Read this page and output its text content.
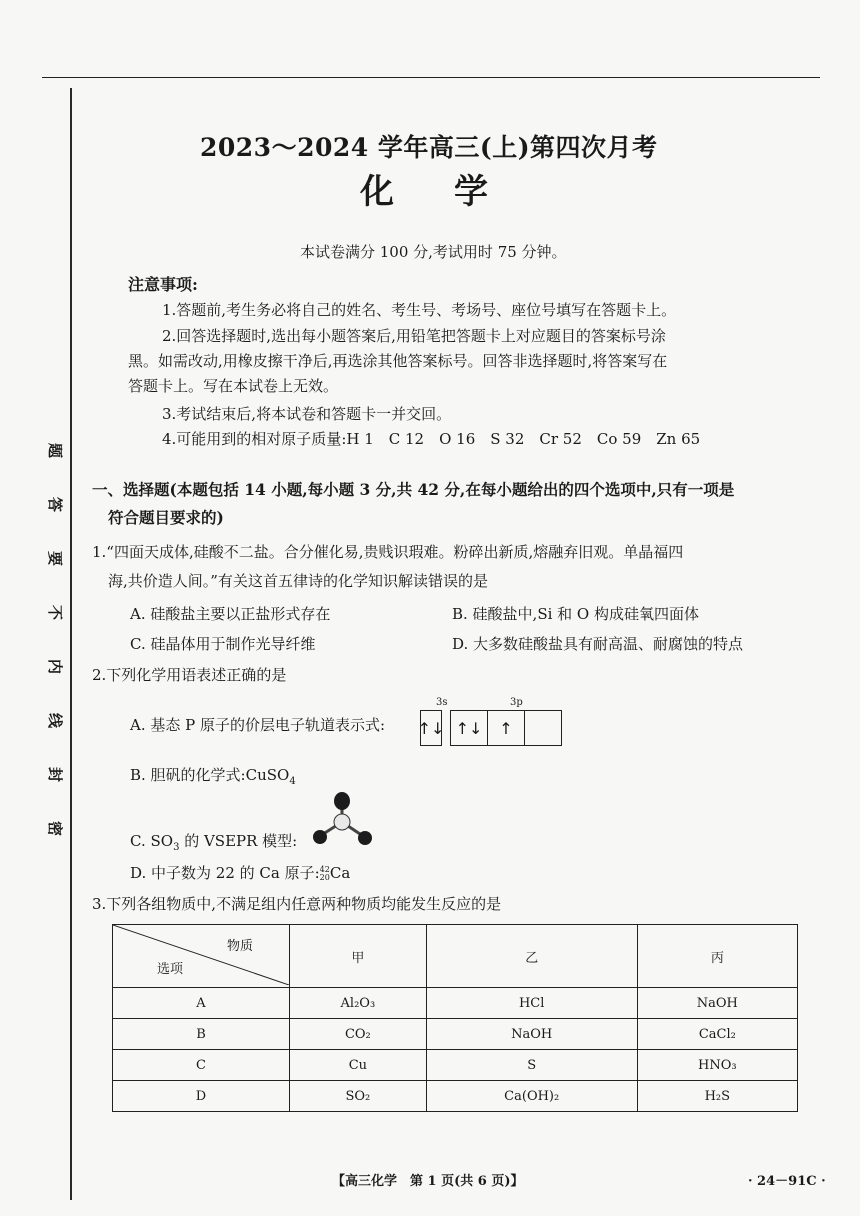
题
答
要
不
内
线
封
密
2023～2024 学年高三(上)第四次月考
化学
本试卷满分 100 分,考试用时 75 分钟。
注意事项:
1.答题前,考生务必将自己的姓名、考生号、考场号、座位号填写在答题卡上。
2.回答选择题时,选出每小题答案后,用铅笔把答题卡上对应题目的答案标号涂
黑。如需改动,用橡皮擦干净后,再选涂其他答案标号。回答非选择题时,将答案写在
答题卡上。写在本试卷上无效。
3.考试结束后,将本试卷和答题卡一并交回。
4.可能用到的相对原子质量:H 1　C 12　O 16　S 32　Cr 52　Co 59　Zn 65
一、选择题(本题包括 14 小题,每小题 3 分,共 42 分,在每小题给出的四个选项中,只有一项是
符合题目要求的)
1.“四面天成体,硅酸不二盐。合分催化易,贵贱识瑕难。粉碎出新质,熔融弃旧观。单晶福四
海,共价造人间。”有关这首五律诗的化学知识解读错误的是
A. 硅酸盐主要以正盐形式存在	B. 硅酸盐中,Si 和 O 构成硅氧四面体
C. 硅晶体用于制作光导纤维	D. 大多数硅酸盐具有耐高温、耐腐蚀的特点
2.下列化学用语表述正确的是
A. 基态 P 原子的价层电子轨道表示式:
3s	3p
↑↓ ↑↓	↑
B. 胆矾的化学式:CuSO$_4$
C. $SO_3$ 的 VSEPR 模型:
D. 中子数为 22 的 Ca 原子: 42
20 Ca
3.下列各组物质中,不满足组内任意两种物质均能发生反应的是
物质
选项	甲	乙	丙
A	Al₂O₃	HCl	NaOH
B	CO₂	NaOH	CaCl₂
C	Cu	S	HNO₃
D	SO₂	Ca(OH)₂	H₂S
【高三化学　第 1 页(共 6 页)】	· 24－91C ·
